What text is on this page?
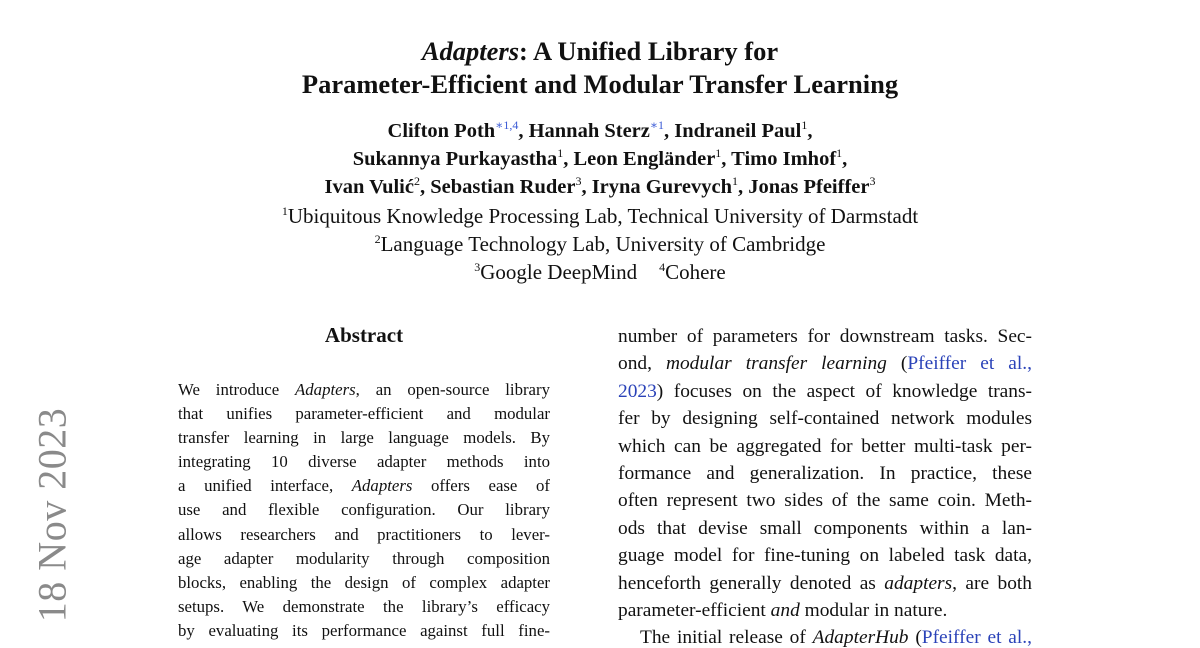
18 Nov 2023
Adapters: A Unified Library for
Parameter-Efficient and Modular Transfer Learning
Clifton Poth$^{∗1,4}$, Hannah Sterz$^{∗1}$, Indraneil Paul$^1$,
Sukannya Purkayastha$^1$, Leon Engländer$^1$, Timo Imhof$^1$,
Ivan Vulić$^2$, Sebastian Ruder$^3$, Iryna Gurevych$^1$, Jonas Pfeiffer$^3$
$^1$Ubiquitous Knowledge Processing Lab, Technical University of Darmstadt
$^2$Language Technology Lab, University of Cambridge
$^3$Google DeepMind $^4$Cohere
Abstract
We introduce Adapters, an open-source library
that unifies parameter-efficient and modular
transfer learning in large language models. By
integrating 10 diverse adapter methods into
a unified interface, Adapters offers ease of
use and flexible configuration. Our library
allows researchers and practitioners to lever-
age adapter modularity through composition
blocks, enabling the design of complex adapter
setups. We demonstrate the library’s efficacy
by evaluating its performance against full fine-
number of parameters for downstream tasks. Sec-
ond, modular transfer learning (Pfeiffer et al.,
2023) focuses on the aspect of knowledge trans-
fer by designing self-contained network modules
which can be aggregated for better multi-task per-
formance and generalization. In practice, these
often represent two sides of the same coin. Meth-
ods that devise small components within a lan-
guage model for fine-tuning on labeled task data,
henceforth generally denoted as adapters, are both
parameter-efficient and modular in nature.
The initial release of AdapterHub (Pfeiffer et al.,
